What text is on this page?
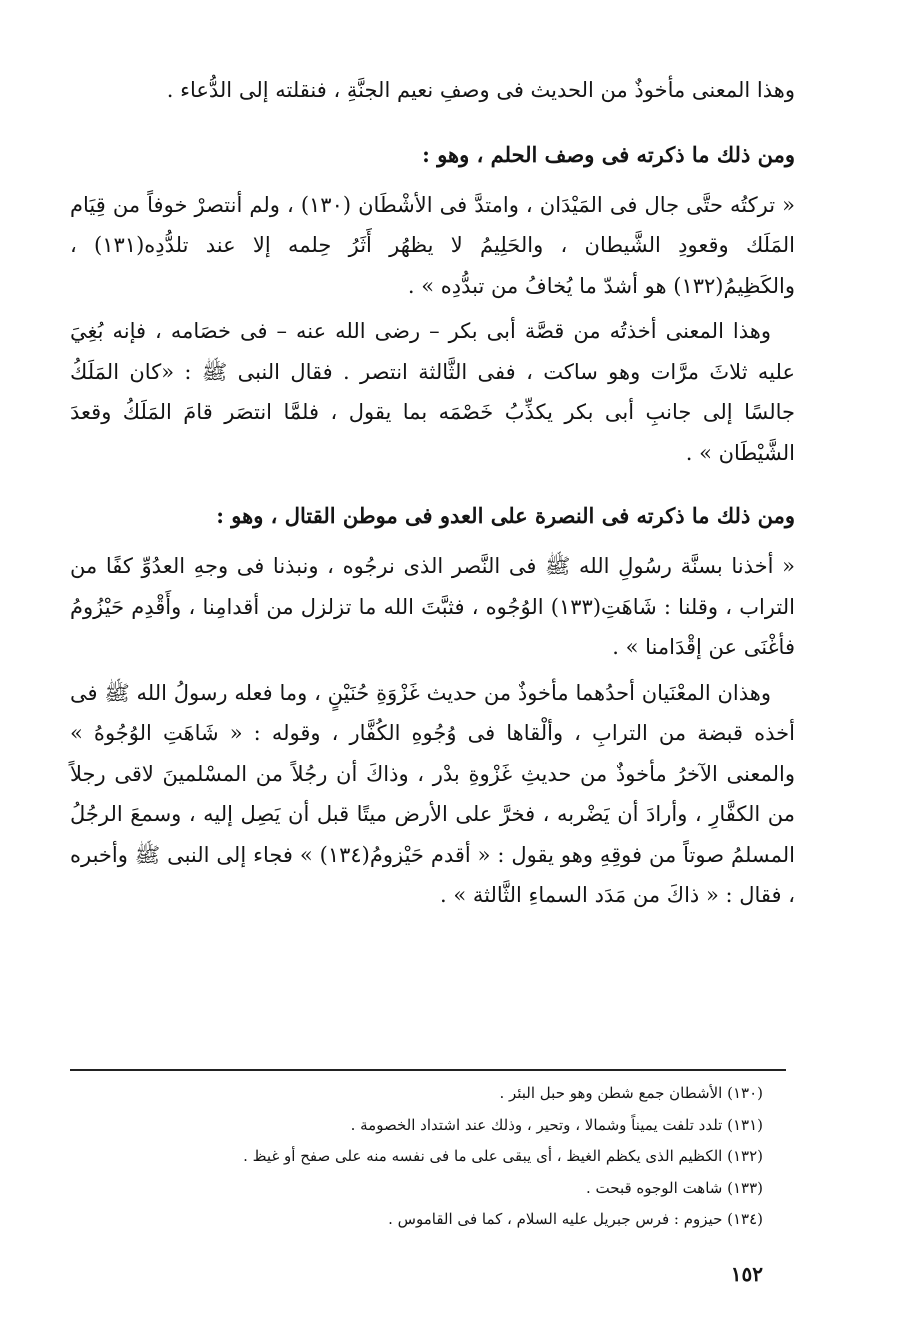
وهذا المعنى مأخوذٌ من الحديث فى وصفِ نعيم الجنَّةِ ، فنقلته إلى الدُّعاء .

ومن ذلك ما ذكرته فى وصف الحلم ، وهو :

« تركتُه حتَّى جال فى المَيْدَان ، وامتدَّ فى الأشْطَان (١٣٠) ، ولم أنتصرْ خوفاً من قِيَام المَلَك وقعودِ الشَّيطان ، والحَلِيمُ لا يظهُر أَثَرُ حِلمه إلا عند تلدُّدِه(١٣١) ، والكَظِيمُ(١٣٢) هو أشدّ ما يُخافُ من تبدُّدِه » .

وهذا المعنى أخذتُه من قصَّة أبى بكر – رضى الله عنه – فى خصَامه ، فإنه بُغِيَ عليه ثلاثَ مرَّات وهو ساكت ، ففى الثَّالثة انتصر . فقال النبى ﷺ : «كان المَلَكُ جالسًا إلى جانبِ أبى بكر يكذِّبُ خَصْمَه بما يقول ، فلمَّا انتصَر قامَ المَلَكُ وقعدَ الشَّيْطَان » .

ومن ذلك ما ذكرته فى النصرة على العدو فى موطن القتال ، وهو :

« أخذنا بسنَّة رسُولِ الله ﷺ فى النَّصر الذى نرجُوه ، ونبذنا فى وجهِ العدُوِّ كفًا من التراب ، وقلنا : شَاهَتِ(١٣٣) الوُجُوه ، فثبَّتَ الله ما تزلزل من أقدامِنا ، وأَقْدِم حَيْزُومُ فأغْنَى عن إقْدَامنا » .

وهذان المعْنَيان أحدُهما مأخوذٌ من حديث غَزْوَةِ حُنَيْنٍ ، وما فعله رسولُ الله ﷺ فى أخذه قبضة من الترابِ ، وألْقاها فى وُجُوهِ الكُفَّار ، وقوله : « شَاهَتِ الوُجُوهُ » والمعنى الآخرُ مأخوذٌ من حديثِ غَزْوةِ بدْر ، وذاكَ أن رجُلاً من المسْلمينَ لاقى رجلاً من الكفَّارِ ، وأرادَ أن يَضْربه ، فخرَّ على الأرض ميتًا قبل أن يَصِل إليه ، وسمعَ الرجُلُ المسلمُ صوتاً من فوقِهِ وهو يقول : « أقدم حَيْزومُ(١٣٤) » فجاء إلى النبى ﷺ وأخبره ، فقال : « ذاكَ من مَدَد السماءِ الثَّالثة » .

(١٣٠) الأشطان جمع شطن وهو حبل البئر .
(١٣١) تلدد تلفت يميناً وشمالا ، وتحير ، وذلك عند اشتداد الخصومة .
(١٣٢) الكظيم الذى يكظم الغيظ ، أى يبقى على ما فى نفسه منه على صفح أو غيظ .
(١٣٣) شاهت الوجوه قبحت .
(١٣٤) حيزوم : فرس جبريل عليه السلام ، كما فى القاموس .
١٥٢
